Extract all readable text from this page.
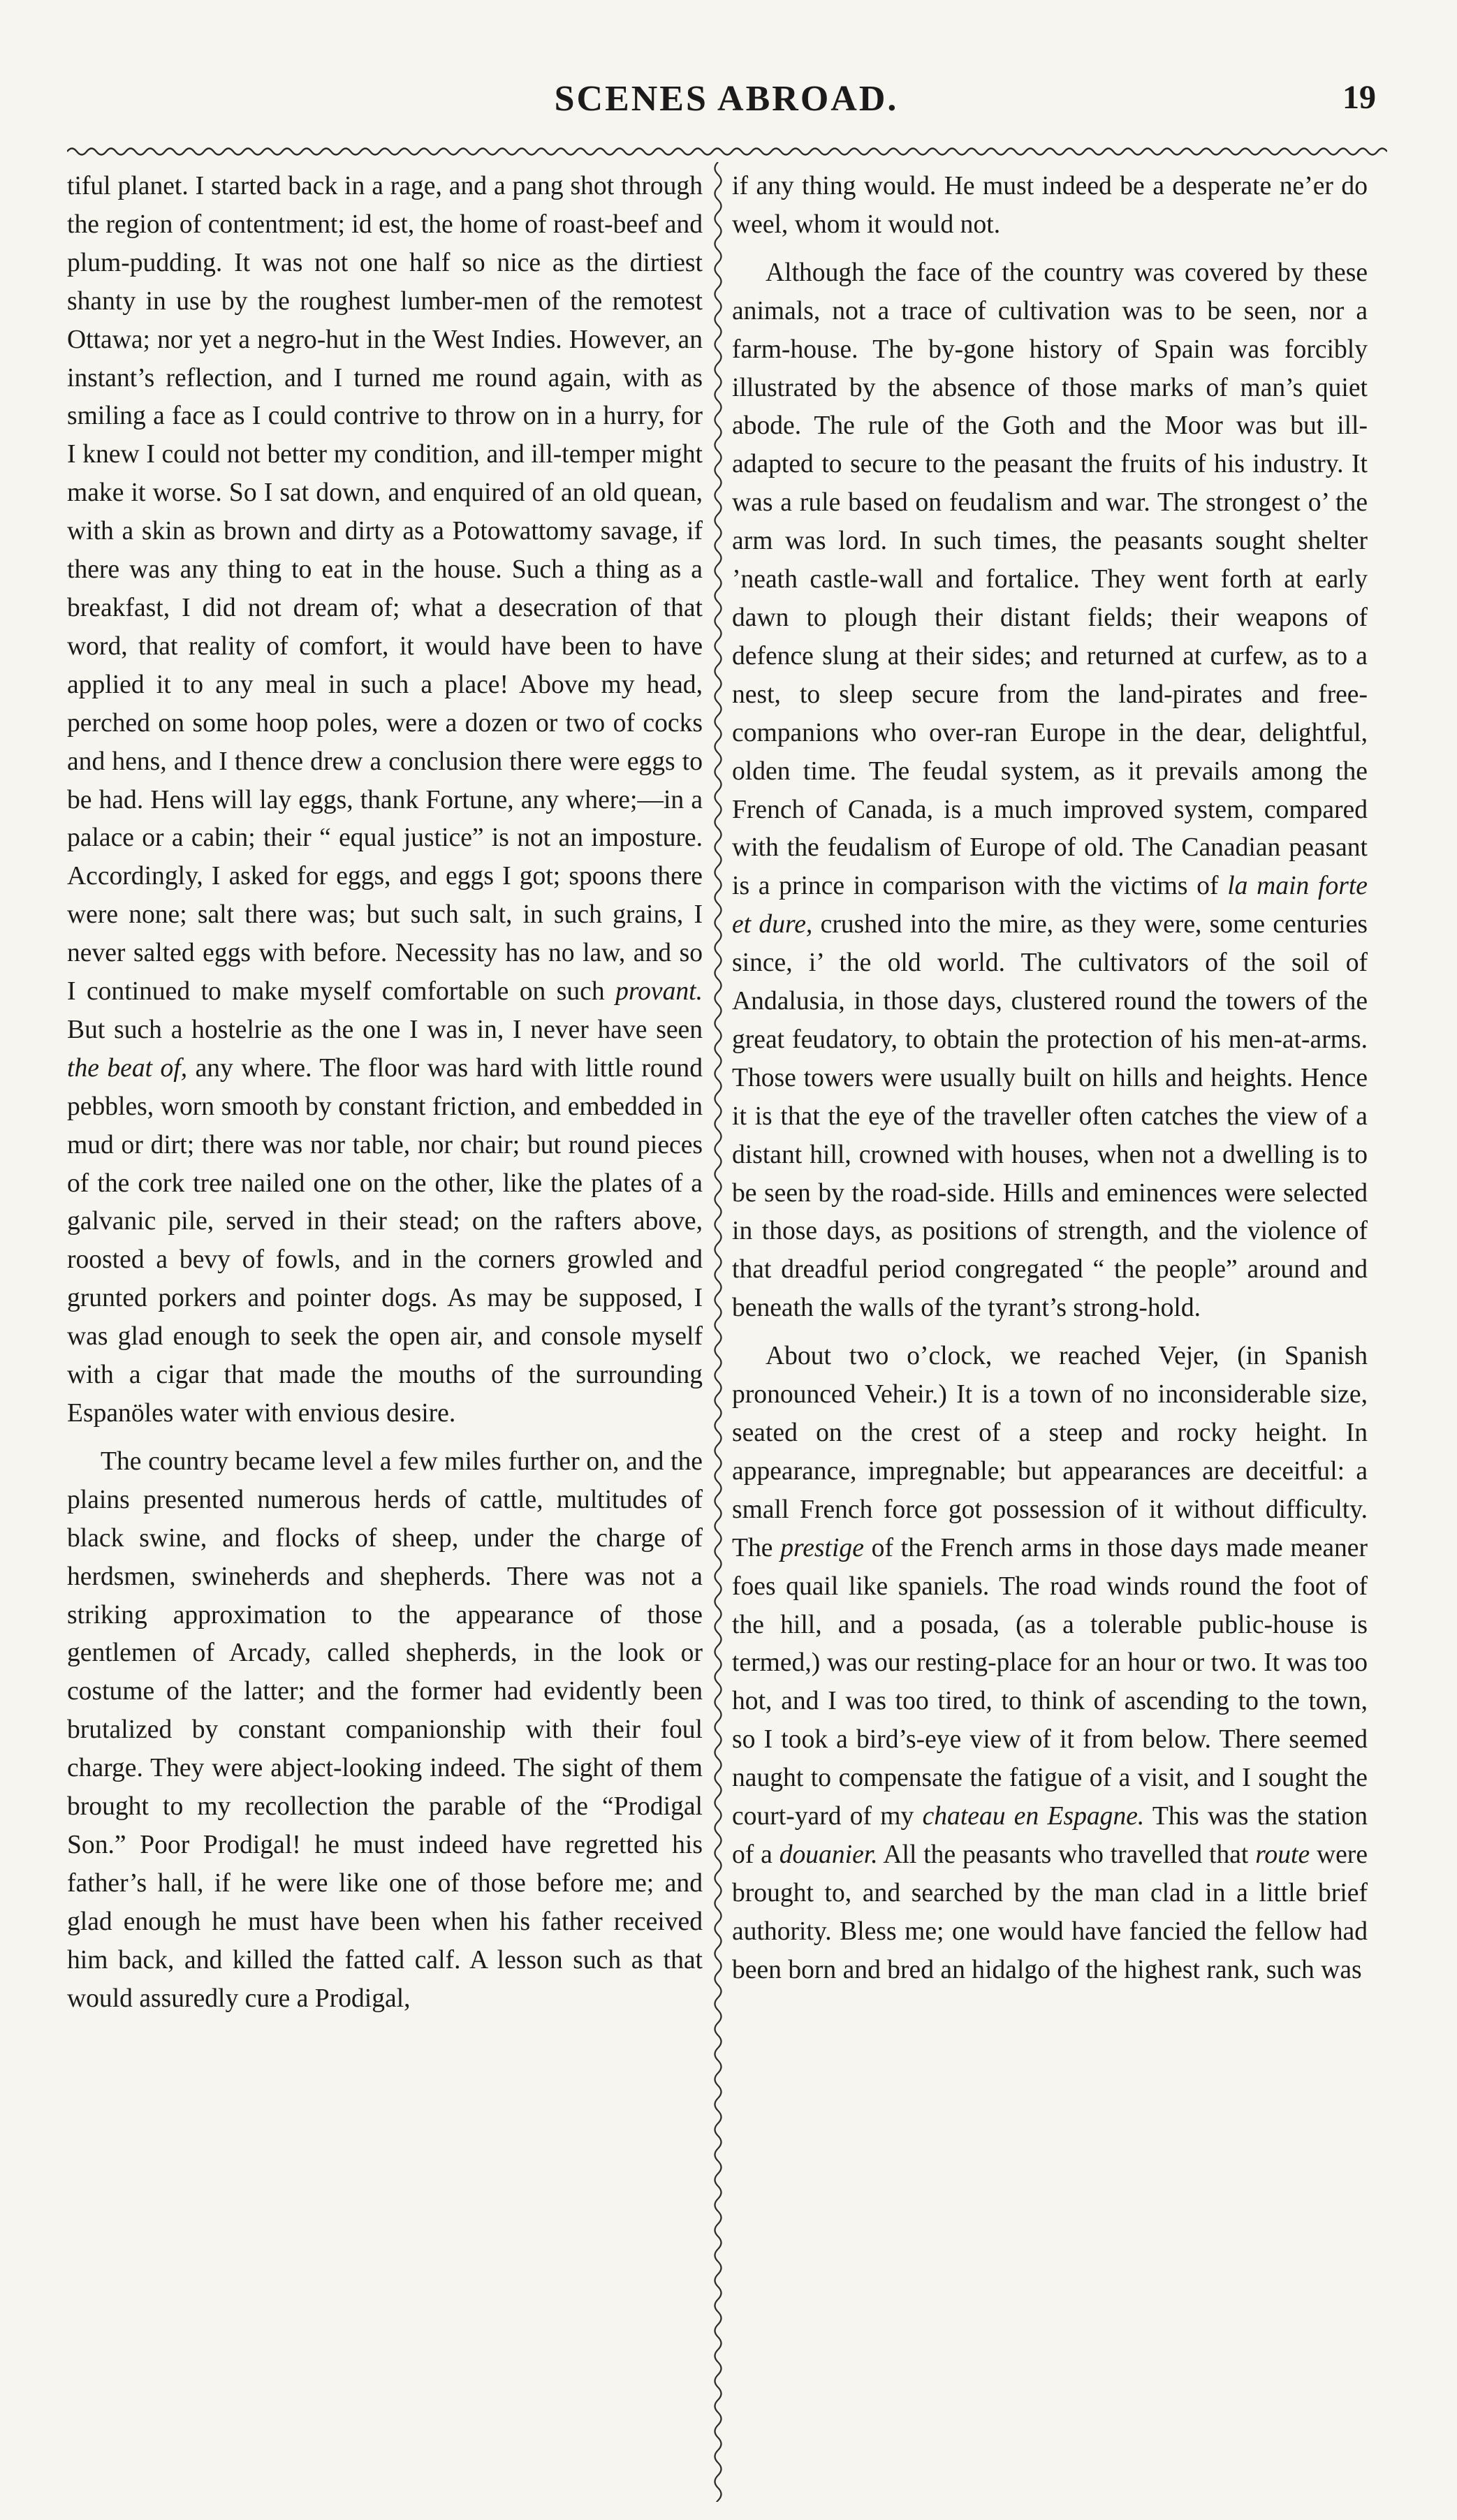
SCENES ABROAD.	19

tiful planet. I started back in a rage, and a pang shot through the region of contentment; id est, the home of roast-beef and plum-pudding. It was not one half so nice as the dirtiest shanty in use by the roughest lumber-men of the remotest Ottawa; nor yet a negro-hut in the West Indies. However, an instant’s reflection, and I turned me round again, with as smiling a face as I could contrive to throw on in a hurry, for I knew I could not better my condition, and ill-temper might make it worse. So I sat down, and enquired of an old quean, with a skin as brown and dirty as a Potowattomy savage, if there was any thing to eat in the house. Such a thing as a breakfast, I did not dream of; what a desecration of that word, that reality of comfort, it would have been to have applied it to any meal in such a place! Above my head, perched on some hoop poles, were a dozen or two of cocks and hens, and I thence drew a conclusion there were eggs to be had. Hens will lay eggs, thank Fortune, any where;—in a palace or a cabin; their “ equal justice” is not an imposture. Accordingly, I asked for eggs, and eggs I got; spoons there were none; salt there was; but such salt, in such grains, I never salted eggs with before. Necessity has no law, and so I continued to make myself comfortable on such provant. But such a hostelrie as the one I was in, I never have seen the beat of, any where. The floor was hard with little round pebbles, worn smooth by constant friction, and embedded in mud or dirt; there was nor table, nor chair; but round pieces of the cork tree nailed one on the other, like the plates of a galvanic pile, served in their stead; on the rafters above, roosted a bevy of fowls, and in the corners growled and grunted porkers and pointer dogs. As may be supposed, I was glad enough to seek the open air, and console myself with a cigar that made the mouths of the surrounding Espanöles water with envious desire.

The country became level a few miles further on, and the plains presented numerous herds of cattle, multitudes of black swine, and flocks of sheep, under the charge of herdsmen, swineherds and shepherds. There was not a striking approximation to the appearance of those gentlemen of Arcady, called shepherds, in the look or costume of the latter; and the former had evidently been brutalized by constant companionship with their foul charge. They were abject-looking indeed. The sight of them brought to my recollection the parable of the “Prodigal Son.” Poor Prodigal! he must indeed have regretted his father’s hall, if he were like one of those before me; and glad enough he must have been when his father received him back, and killed the fatted calf. A lesson such as that would assuredly cure a Prodigal,

if any thing would. He must indeed be a desperate ne’er do weel, whom it would not.

Although the face of the country was covered by these animals, not a trace of cultivation was to be seen, nor a farm-house. The by-gone history of Spain was forcibly illustrated by the absence of those marks of man’s quiet abode. The rule of the Goth and the Moor was but ill-adapted to secure to the peasant the fruits of his industry. It was a rule based on feudalism and war. The strongest o’ the arm was lord. In such times, the peasants sought shelter ’neath castle-wall and fortalice. They went forth at early dawn to plough their distant fields; their weapons of defence slung at their sides; and returned at curfew, as to a nest, to sleep secure from the land-pirates and free-companions who over-ran Europe in the dear, delightful, olden time. The feudal system, as it prevails among the French of Canada, is a much improved system, compared with the feudalism of Europe of old. The Canadian peasant is a prince in comparison with the victims of la main forte et dure, crushed into the mire, as they were, some centuries since, i’ the old world. The cultivators of the soil of Andalusia, in those days, clustered round the towers of the great feudatory, to obtain the protection of his men-at-arms. Those towers were usually built on hills and heights. Hence it is that the eye of the traveller often catches the view of a distant hill, crowned with houses, when not a dwelling is to be seen by the road-side. Hills and eminences were selected in those days, as positions of strength, and the violence of that dreadful period congregated “ the people” around and beneath the walls of the tyrant’s strong-hold.

About two o’clock, we reached Vejer, (in Spanish pronounced Veheir.) It is a town of no inconsiderable size, seated on the crest of a steep and rocky height. In appearance, impregnable; but appearances are deceitful: a small French force got possession of it without difficulty. The prestige of the French arms in those days made meaner foes quail like spaniels. The road winds round the foot of the hill, and a posada, (as a tolerable public-house is termed,) was our resting-place for an hour or two. It was too hot, and I was too tired, to think of ascending to the town, so I took a bird’s-eye view of it from below. There seemed naught to compensate the fatigue of a visit, and I sought the court-yard of my chateau en Espagne. This was the station of a douanier. All the peasants who travelled that route were brought to, and searched by the man clad in a little brief authority. Bless me; one would have fancied the fellow had been born and bred an hidalgo of the highest rank, such was
